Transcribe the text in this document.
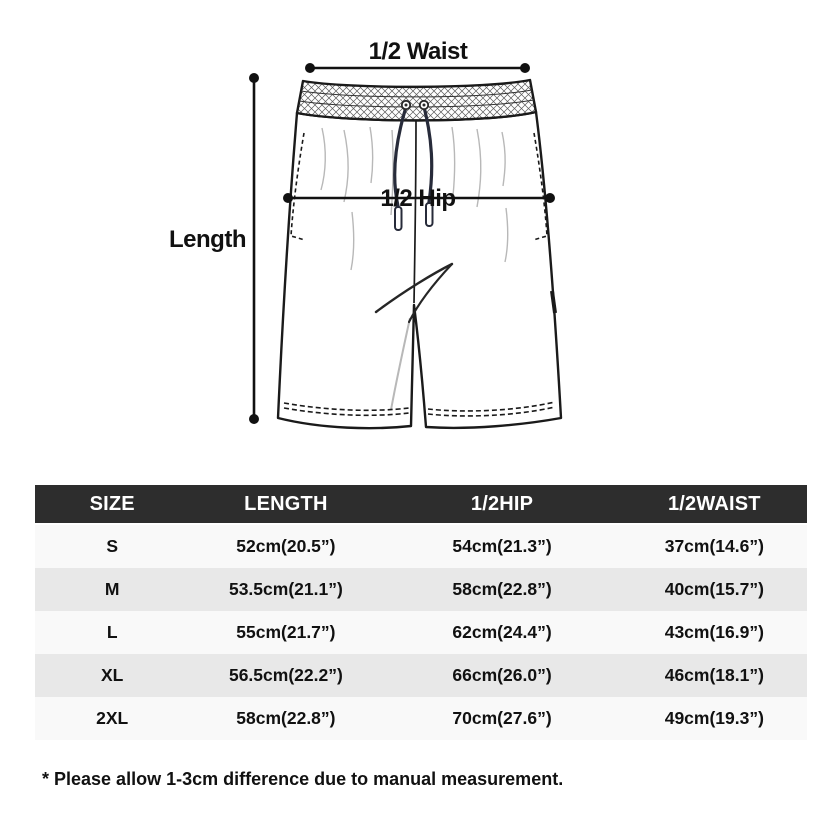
1/2 Waist
1/2 Hip
Length
SIZE	LENGTH	1/2HIP	1/2WAIST
S	52cm(20.5”)	54cm(21.3”)	37cm(14.6”)
M	53.5cm(21.1”)	58cm(22.8”)	40cm(15.7”)
L	55cm(21.7”)	62cm(24.4”)	43cm(16.9”)
XL	56.5cm(22.2”)	66cm(26.0”)	46cm(18.1”)
2XL	58cm(22.8”)	70cm(27.6”)	49cm(19.3”)

* Please allow 1-3cm difference due to manual measurement.
